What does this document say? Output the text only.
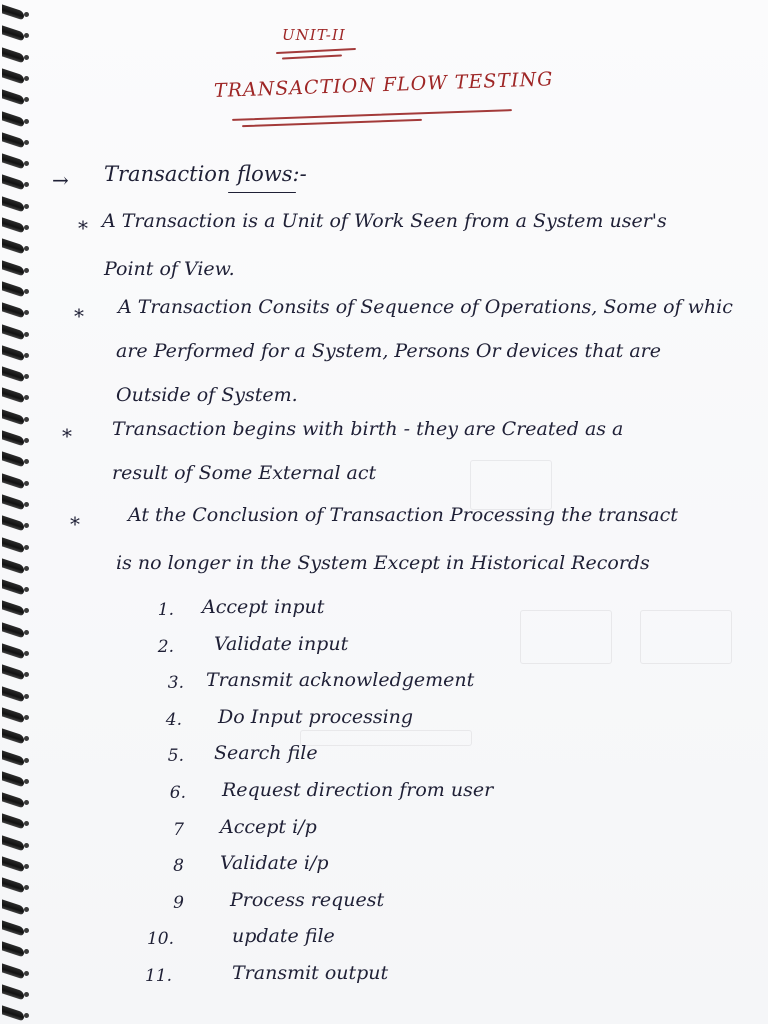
UNIT-II
TRANSACTION FLOW TESTING
→ Transaction flows:-
* A Transaction is a Unit of Work Seen from a System user's
Point of View.
* A Transaction Consits of Sequence of Operations, Some of whic
are Performed for a System, Persons Or devices that are
Outside of System.
* Transaction begins with birth - they are Created as a
result of Some External act
*	At the Conclusion of Transaction Processing the transact
is no longer in the System Except in Historical Records
1. Accept input
2. Validate input
3. Transmit acknowledgement
4. Do Input processing
5. Search file
6. Request direction from user
7 Accept i/p
8 Validate i/p
9 Process request
10.	update file
11.	Transmit output
